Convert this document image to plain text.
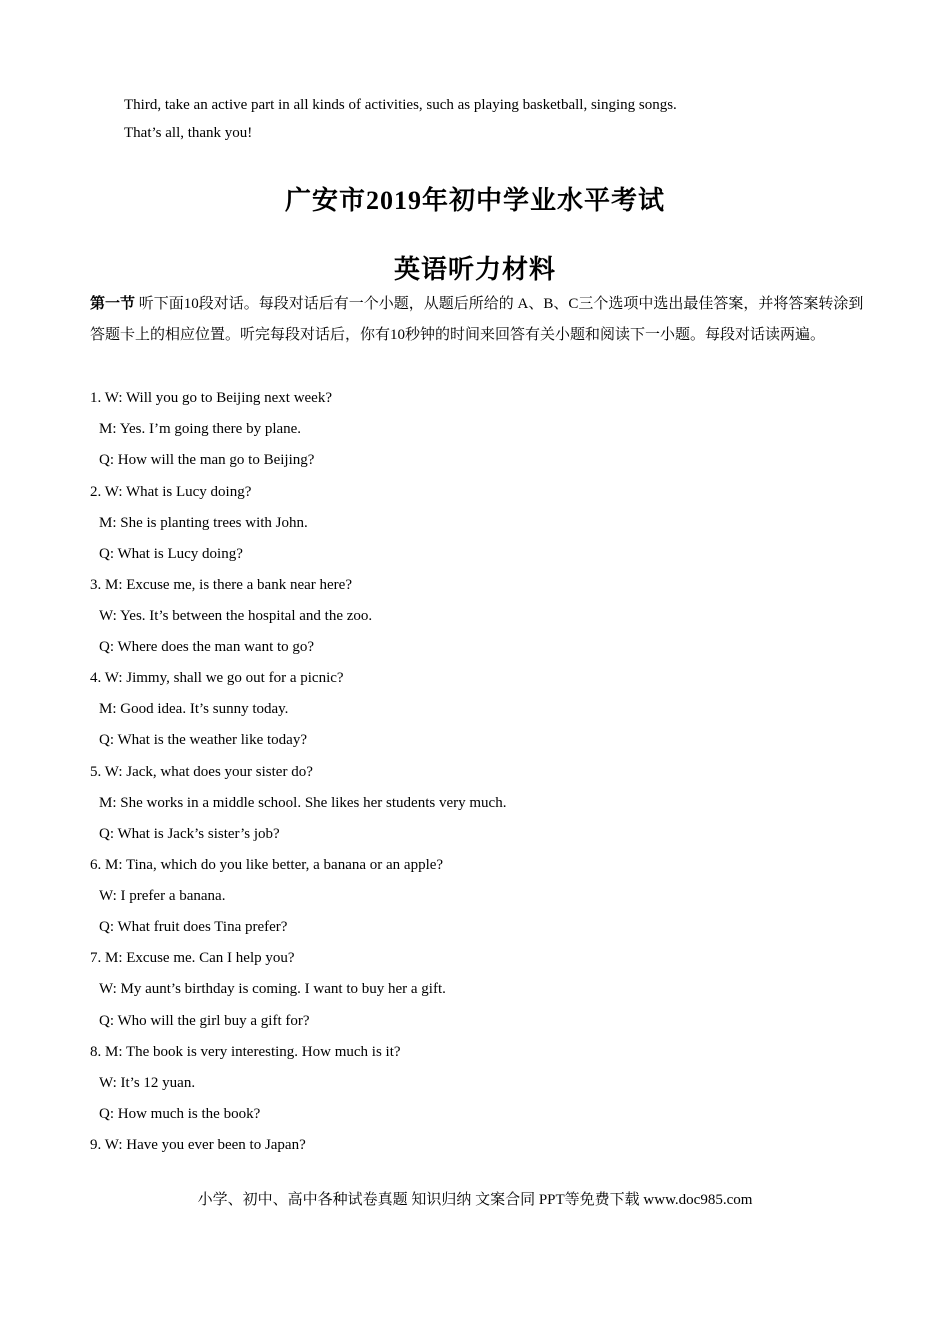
Third, take an active part in all kinds of activities, such as playing basketball, singing songs.
That’s all, thank you!
广安市2019年初中学业水平考试
英语听力材料
第一节 听下面10段对话。每段对话后有一个小题，从题后所给的 A、B、C三个选项中选出最佳答案，并将答案转涂到答题卡上的相应位置。听完每段对话后，你有10秒钟的时间来回答有关小题和阅读下一小题。每段对话读两遍。
1. W: Will you go to Beijing next week?
M: Yes. I’m going there by plane.
Q: How will the man go to Beijing?
2. W: What is Lucy doing?
M: She is planting trees with John.
Q: What is Lucy doing?
3. M: Excuse me, is there a bank near here?
W: Yes. It’s between the hospital and the zoo.
Q: Where does the man want to go?
4. W: Jimmy, shall we go out for a picnic?
M: Good idea. It’s sunny today.
Q: What is the weather like today?
5. W: Jack, what does your sister do?
M: She works in a middle school. She likes her students very much.
Q: What is Jack’s sister’s job?
6. M: Tina, which do you like better, a banana or an apple?
W: I prefer a banana.
Q: What fruit does Tina prefer?
7. M: Excuse me. Can I help you?
W: My aunt’s birthday is coming. I want to buy her a gift.
Q: Who will the girl buy a gift for?
8. M: The book is very interesting. How much is it?
W: It’s 12 yuan.
Q: How much is the book?
9. W: Have you ever been to Japan?
小学、初中、高中各种试卷真题 知识归纳 文案合同 PPT等免费下载 www.doc985.com
